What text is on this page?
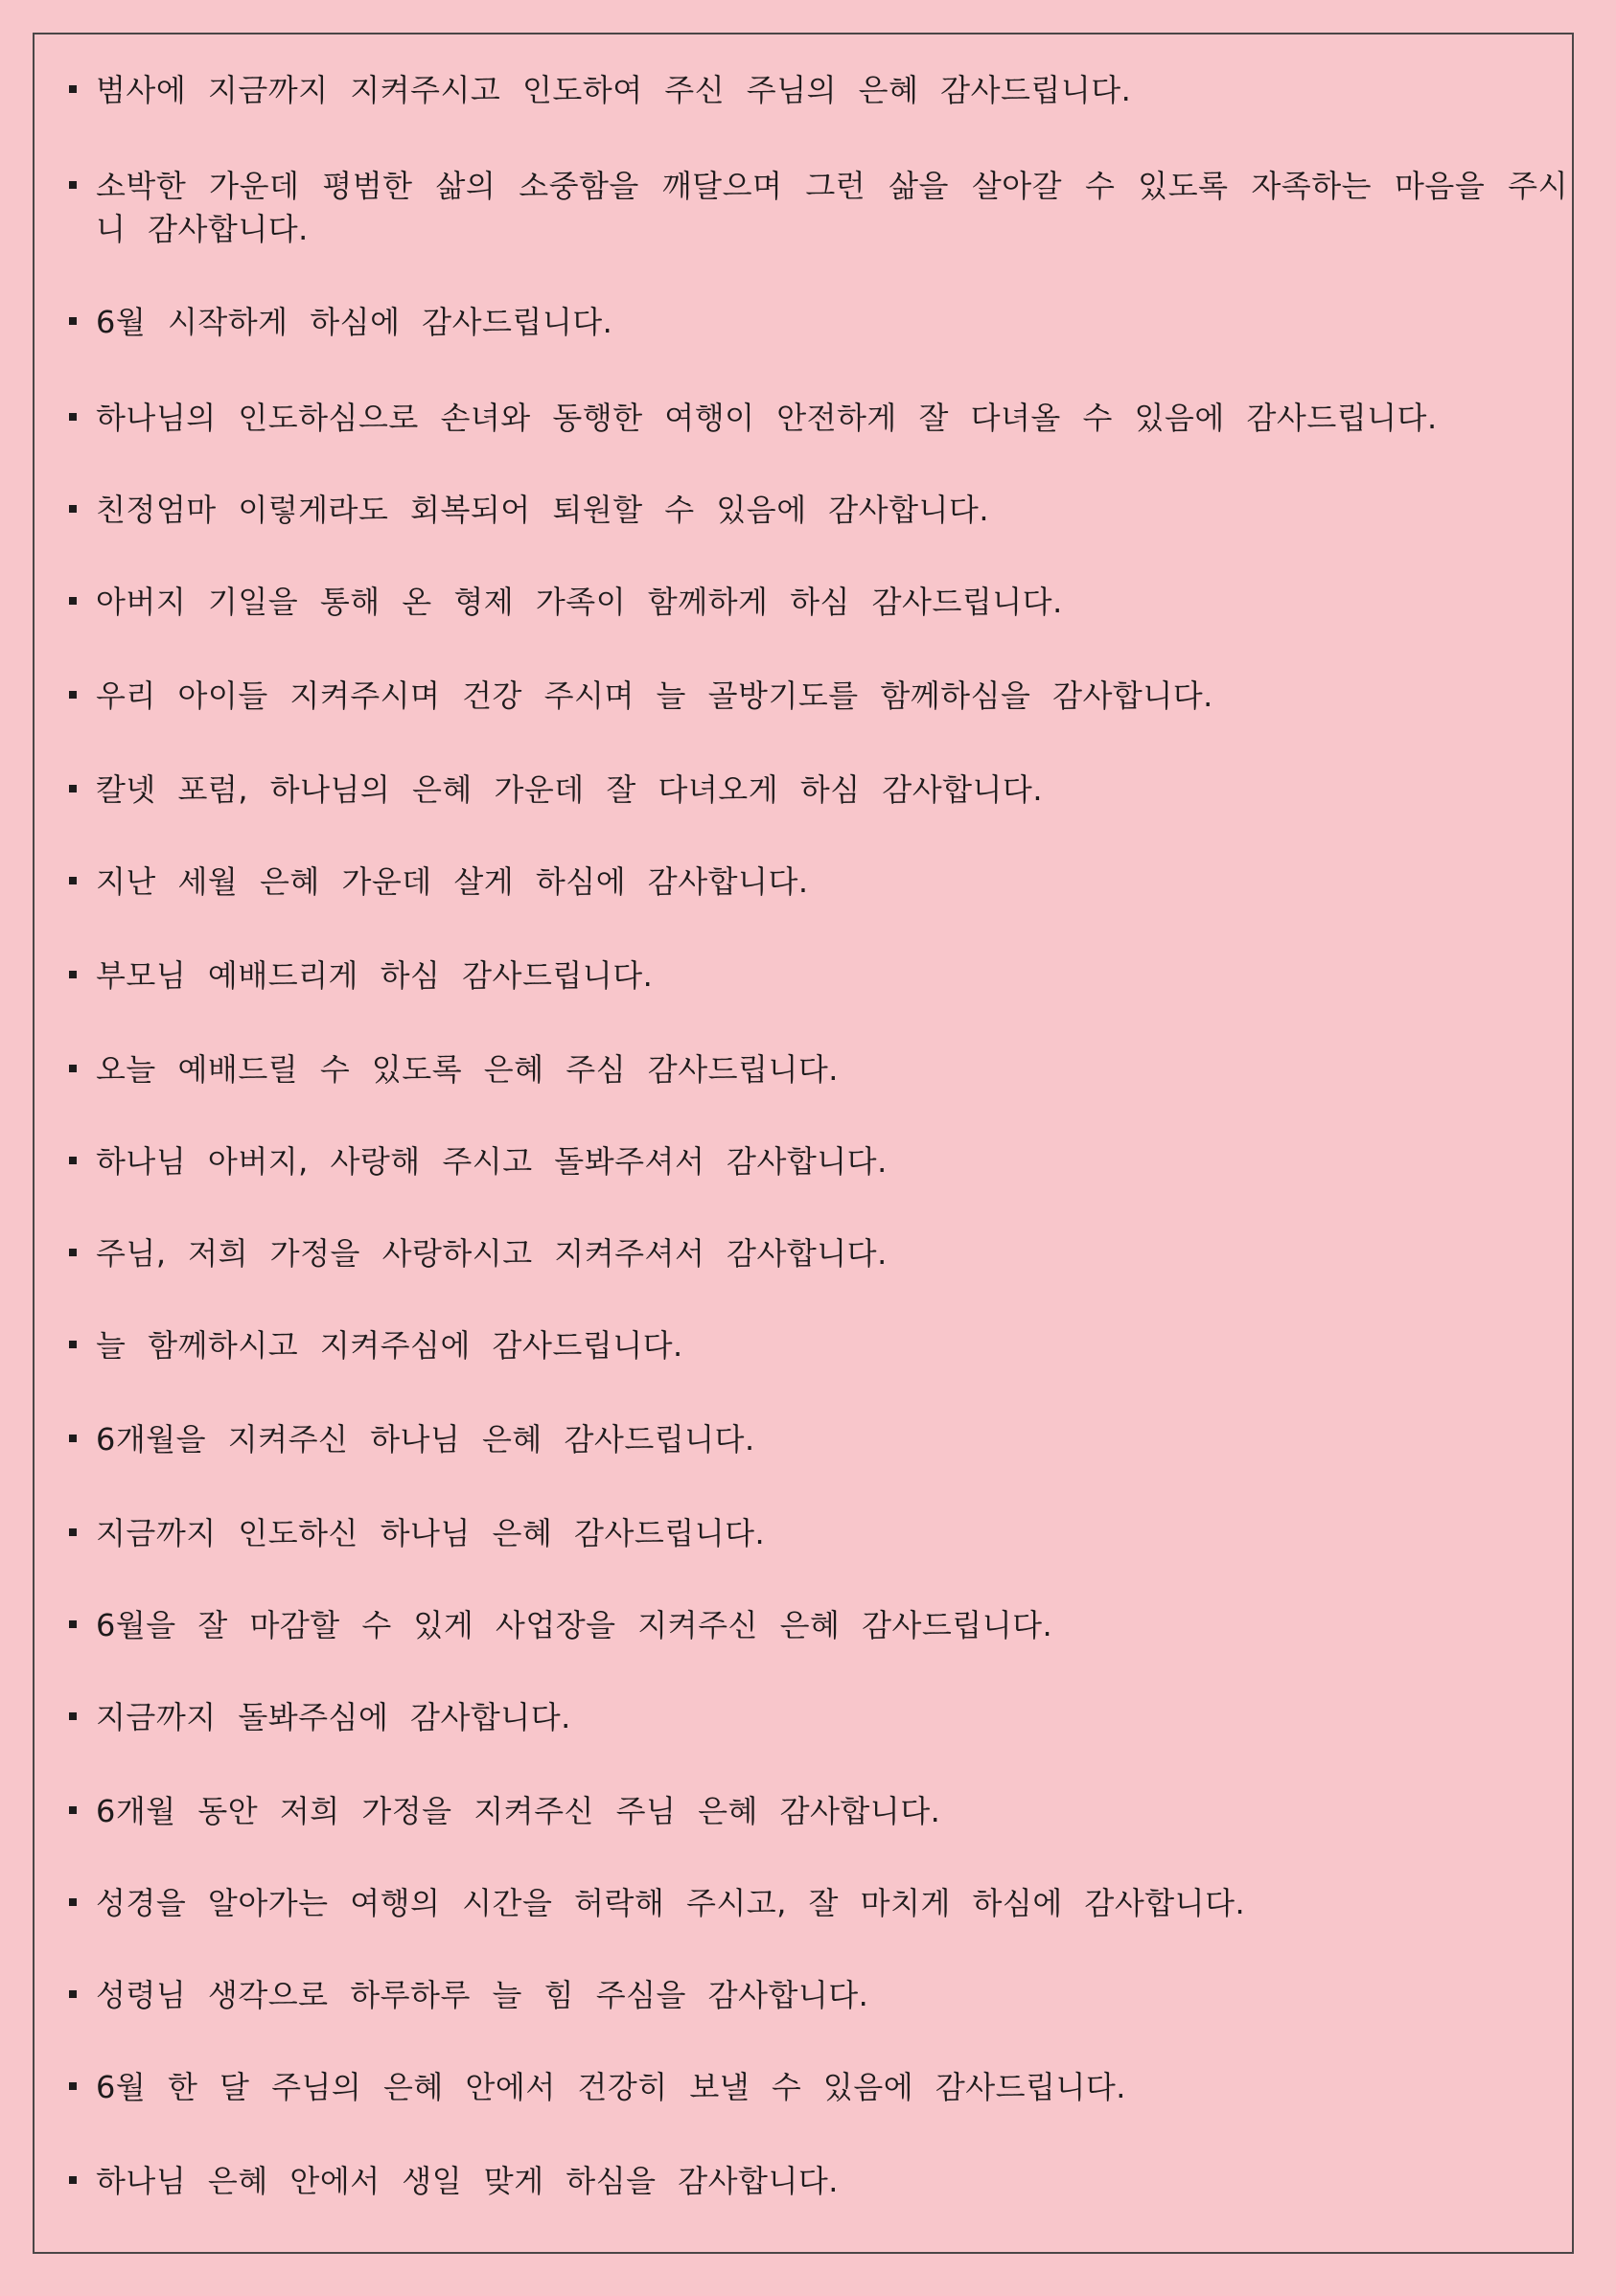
범사에 지금까지 지켜주시고 인도하여 주신 주님의 은혜 감사드립니다.
소박한 가운데 평범한 삶의 소중함을 깨달으며 그런 삶을 살아갈 수 있도록 자족하는 마음을 주시니 감사합니다.
6월 시작하게 하심에 감사드립니다.
하나님의 인도하심으로 손녀와 동행한 여행이 안전하게 잘 다녀올 수 있음에 감사드립니다.
친정엄마 이렇게라도 회복되어 퇴원할 수 있음에 감사합니다.
아버지 기일을 통해 온 형제 가족이 함께하게 하심 감사드립니다.
우리 아이들 지켜주시며 건강 주시며 늘 골방기도를 함께하심을 감사합니다.
칼넷 포럼, 하나님의 은혜 가운데 잘 다녀오게 하심 감사합니다.
지난 세월 은혜 가운데 살게 하심에 감사합니다.
부모님 예배드리게 하심 감사드립니다.
오늘 예배드릴 수 있도록 은혜 주심 감사드립니다.
하나님 아버지, 사랑해 주시고 돌봐주셔서 감사합니다.
주님, 저희 가정을 사랑하시고 지켜주셔서 감사합니다.
늘 함께하시고 지켜주심에 감사드립니다.
6개월을 지켜주신 하나님 은혜 감사드립니다.
지금까지 인도하신 하나님 은혜 감사드립니다.
6월을 잘 마감할 수 있게 사업장을 지켜주신 은혜 감사드립니다.
지금까지 돌봐주심에 감사합니다.
6개월 동안 저희 가정을 지켜주신 주님 은혜 감사합니다.
성경을 알아가는 여행의 시간을 허락해 주시고, 잘 마치게 하심에 감사합니다.
성령님 생각으로 하루하루 늘 힘 주심을 감사합니다.
6월 한 달 주님의 은혜 안에서 건강히 보낼 수 있음에 감사드립니다.
하나님 은혜 안에서 생일 맞게 하심을 감사합니다.
